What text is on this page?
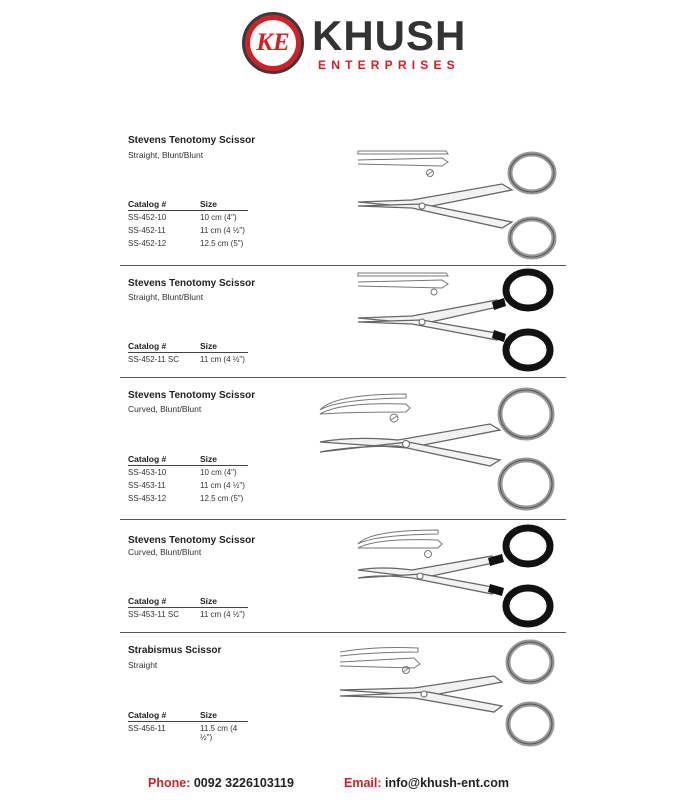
KE KHUSH
ENTERPRISES
Stevens Tenotomy Scissor
Straight, Blunt/Blunt
Catalog #	Size
SS-452-10	10 cm (4")
SS-452-11	11 cm (4 ½")
SS-452-12	12.5 cm (5")
Stevens Tenotomy Scissor
Straight, Blunt/Blunt
Catalog #	Size
SS-452-11 SC	11 cm (4 ½")
Stevens Tenotomy Scissor
Curved, Blunt/Blunt
Catalog #	Size
SS-453-10	10 cm (4")
SS-453-11	11 cm (4 ½")
SS-453-12	12.5 cm (5")
Stevens Tenotomy Scissor
Curved, Blunt/Blunt
Catalog #	Size
SS-453-11 SC	11 cm (4 ½")
Strabismus Scissor
Straight
Catalog #	Size
SS-456-11	11.5 cm (4 ½")
Phone: 0092 3226103119	Email: info@khush-ent.com
